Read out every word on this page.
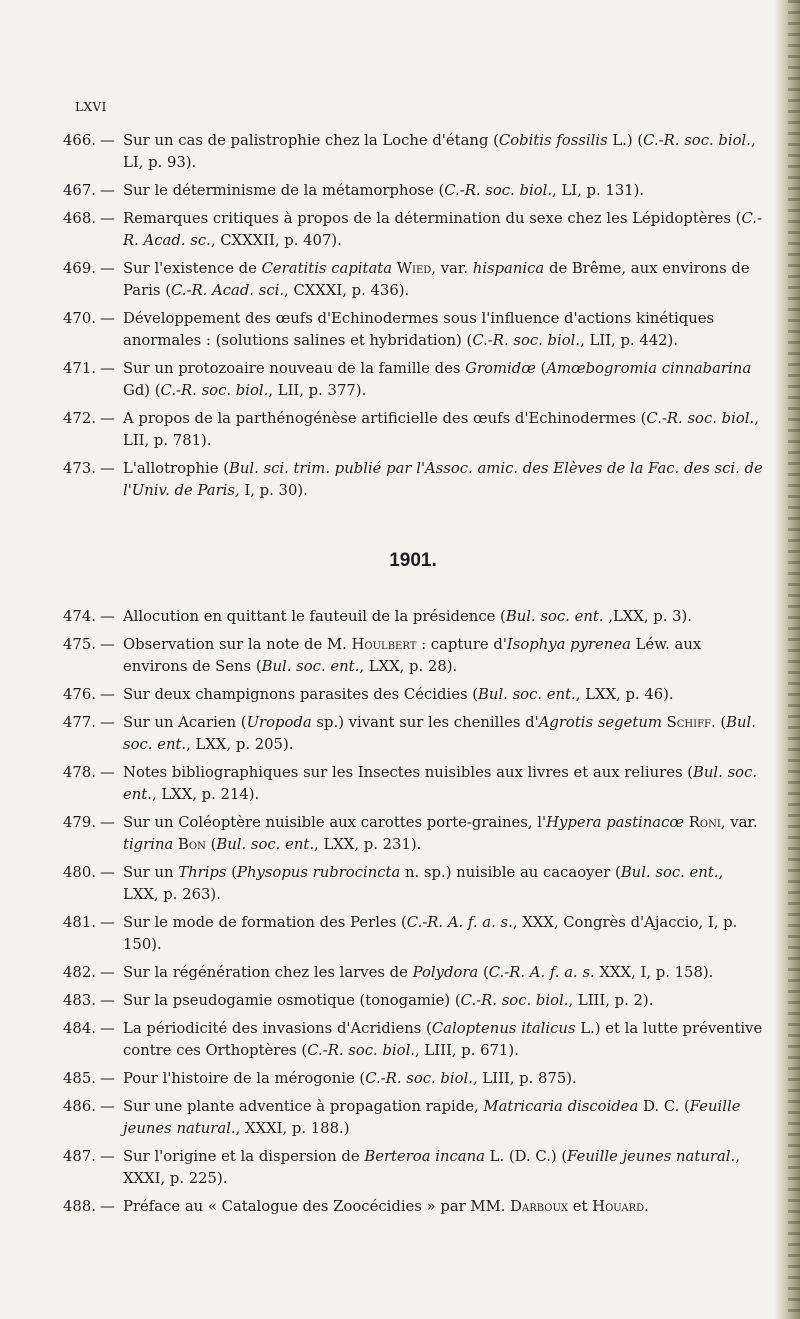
LXVI
466. — Sur un cas de palistrophie chez la Loche d'étang (Cobitis fossilis L.) (C.-R. soc. biol., LI, p. 93).
467. — Sur le déterminisme de la métamorphose (C.-R. soc. biol., LI, p. 131).
468. — Remarques critiques à propos de la détermination du sexe chez les Lépidoptères (C.-R. Acad. sc., CXXXII, p. 407).
469. — Sur l'existence de Ceratitis capitata Wied, var. hispanica de Brême, aux environs de Paris (C.-R. Acad. sci., CXXXI, p. 436).
470. — Développement des œufs d'Echinodermes sous l'influence d'actions kinétiques anormales : (solutions salines et hybridation) (C.-R. soc. biol., LII, p. 442).
471. — Sur un protozoaire nouveau de la famille des Gromidœ (Amœbogromia cinnabarina Gd) (C.-R. soc. biol., LII, p. 377).
472. — A propos de la parthénogénèse artificielle des œufs d'Echinodermes (C.-R. soc. biol., LII, p. 781).
473. — L'allotrophie (Bul. sci. trim. publié par l'Assoc. amic. des Elèves de la Fac. des sci. de l'Univ. de Paris, I, p. 30).
1901.
474. — Allocution en quittant le fauteuil de la présidence (Bul. soc. ent. ,LXX, p. 3).
475. — Observation sur la note de M. Houlbert : capture d'Isophya pyrenea Léw. aux environs de Sens (Bul. soc. ent., LXX, p. 28).
476. — Sur deux champignons parasites des Cécidies (Bul. soc. ent., LXX, p. 46).
477. — Sur un Acarien (Uropoda sp.) vivant sur les chenilles d'Agrotis segetum Schiff. (Bul. soc. ent., LXX, p. 205).
478. — Notes bibliographiques sur les Insectes nuisibles aux livres et aux reliures (Bul. soc. ent., LXX, p. 214).
479. — Sur un Coléoptère nuisible aux carottes porte-graines, l'Hypera pastinacœ Roni, var. tigrina Bon (Bul. soc. ent., LXX, p. 231).
480. — Sur un Thrips (Physopus rubrocincta n. sp.) nuisible au cacaoyer (Bul. soc. ent., LXX, p. 263).
481. — Sur le mode de formation des Perles (C.-R. A. f. a. s., XXX, Congrès d'Ajaccio, I, p. 150).
482. — Sur la régénération chez les larves de Polydora (C.-R. A. f. a. s. XXX, I, p. 158).
483. — Sur la pseudogamie osmotique (tonogamie) (C.-R. soc. biol., LIII, p. 2).
484. — La périodicité des invasions d'Acridiens (Caloptenus italicus L.) et la lutte préventive contre ces Orthoptères (C.-R. soc. biol., LIII, p. 671).
485. — Pour l'histoire de la mérogonie (C.-R. soc. biol., LIII, p. 875).
486. — Sur une plante adventice à propagation rapide, Matricaria discoidea D. C. (Feuille jeunes natural., XXXI, p. 188.)
487. — Sur l'origine et la dispersion de Berteroa incana L. (D. C.) (Feuille jeunes natural., XXXI, p. 225).
488. — Préface au « Catalogue des Zoocécidies » par MM. Darboux et Houard.
